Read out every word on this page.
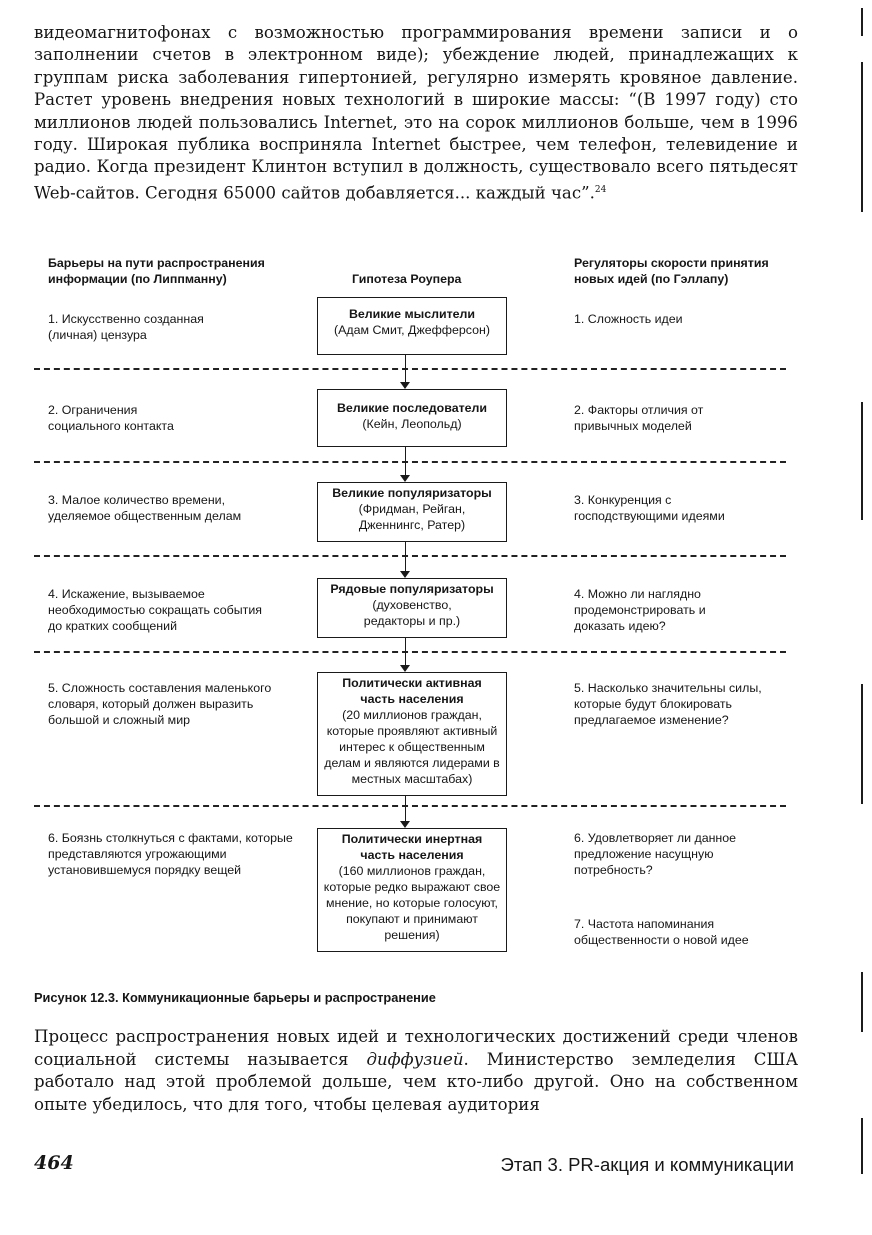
видеомагнитофонах с возможностью программирования времени записи и о заполнении счетов в электронном виде); убеждение людей, принадлежащих к группам риска заболевания гипертонией, регулярно измерять кровяное давление. Растет уровень внедрения новых технологий в широкие массы: “(В 1997 году) сто миллионов людей пользовались Internet, это на сорок миллионов больше, чем в 1996 году. Широкая публика восприняла Internet быстрее, чем телефон, телевидение и радио. Когда президент Клинтон вступил в должность, существовало всего пятьдесят Web-сайтов. Сегодня 65000 сайтов добавляется... каждый час”.$^{24}$
Барьеры на пути распространения информации (по Липпманну)	Гипотеза Роупера
Регуляторы скорости принятия новых идей (по Гэллапу)
1. Искусственно созданная (личная) цензура
2. Ограничения социального контакта
3. Малое количество времени, уделяемое общественным делам
4. Искажение, вызываемое необходимостью сокращать события до кратких сообщений
5. Сложность составления маленького словаря, который должен выразить большой и сложный мир
6. Боязнь столкнуться с фактами, которые представляются угрожающими установившемуся порядку вещей
Великие мыслители
(Адам Смит, Джефферсон)
Великие последователи
(Кейн, Леопольд)
Великие популяризаторы
(Фридман, Рейган, Дженнингс, Ратер)
Рядовые популяризаторы
(духовенство, редакторы и пр.)
Политически активная часть населения
(20 миллионов граждан, которые проявляют активный интерес к общественным делам и являются лидерами в местных масштабах)
Политически инертная часть населения
(160 миллионов граждан, которые редко выражают свое мнение, но которые голосуют, покупают и принимают решения)
1. Сложность идеи
2. Факторы отличия от привычных моделей
3. Конкуренция с господствующими идеями
4. Можно ли наглядно продемонстрировать и доказать идею?
5. Насколько значительны силы, которые будут блокировать предлагаемое изменение?
6. Удовлетворяет ли данное предложение насущную потребность?
7. Частота напоминания общественности о новой идее
Рисунок 12.3. Коммуникационные барьеры и распространение
Процесс распространения новых идей и технологических достижений среди членов социальной системы называется диффузией. Министерство земледелия США работало над этой проблемой дольше, чем кто-либо другой. Оно на собственном опыте убедилось, что для того, чтобы целевая аудитория
464	Этап 3. PR-акция и коммуникации
